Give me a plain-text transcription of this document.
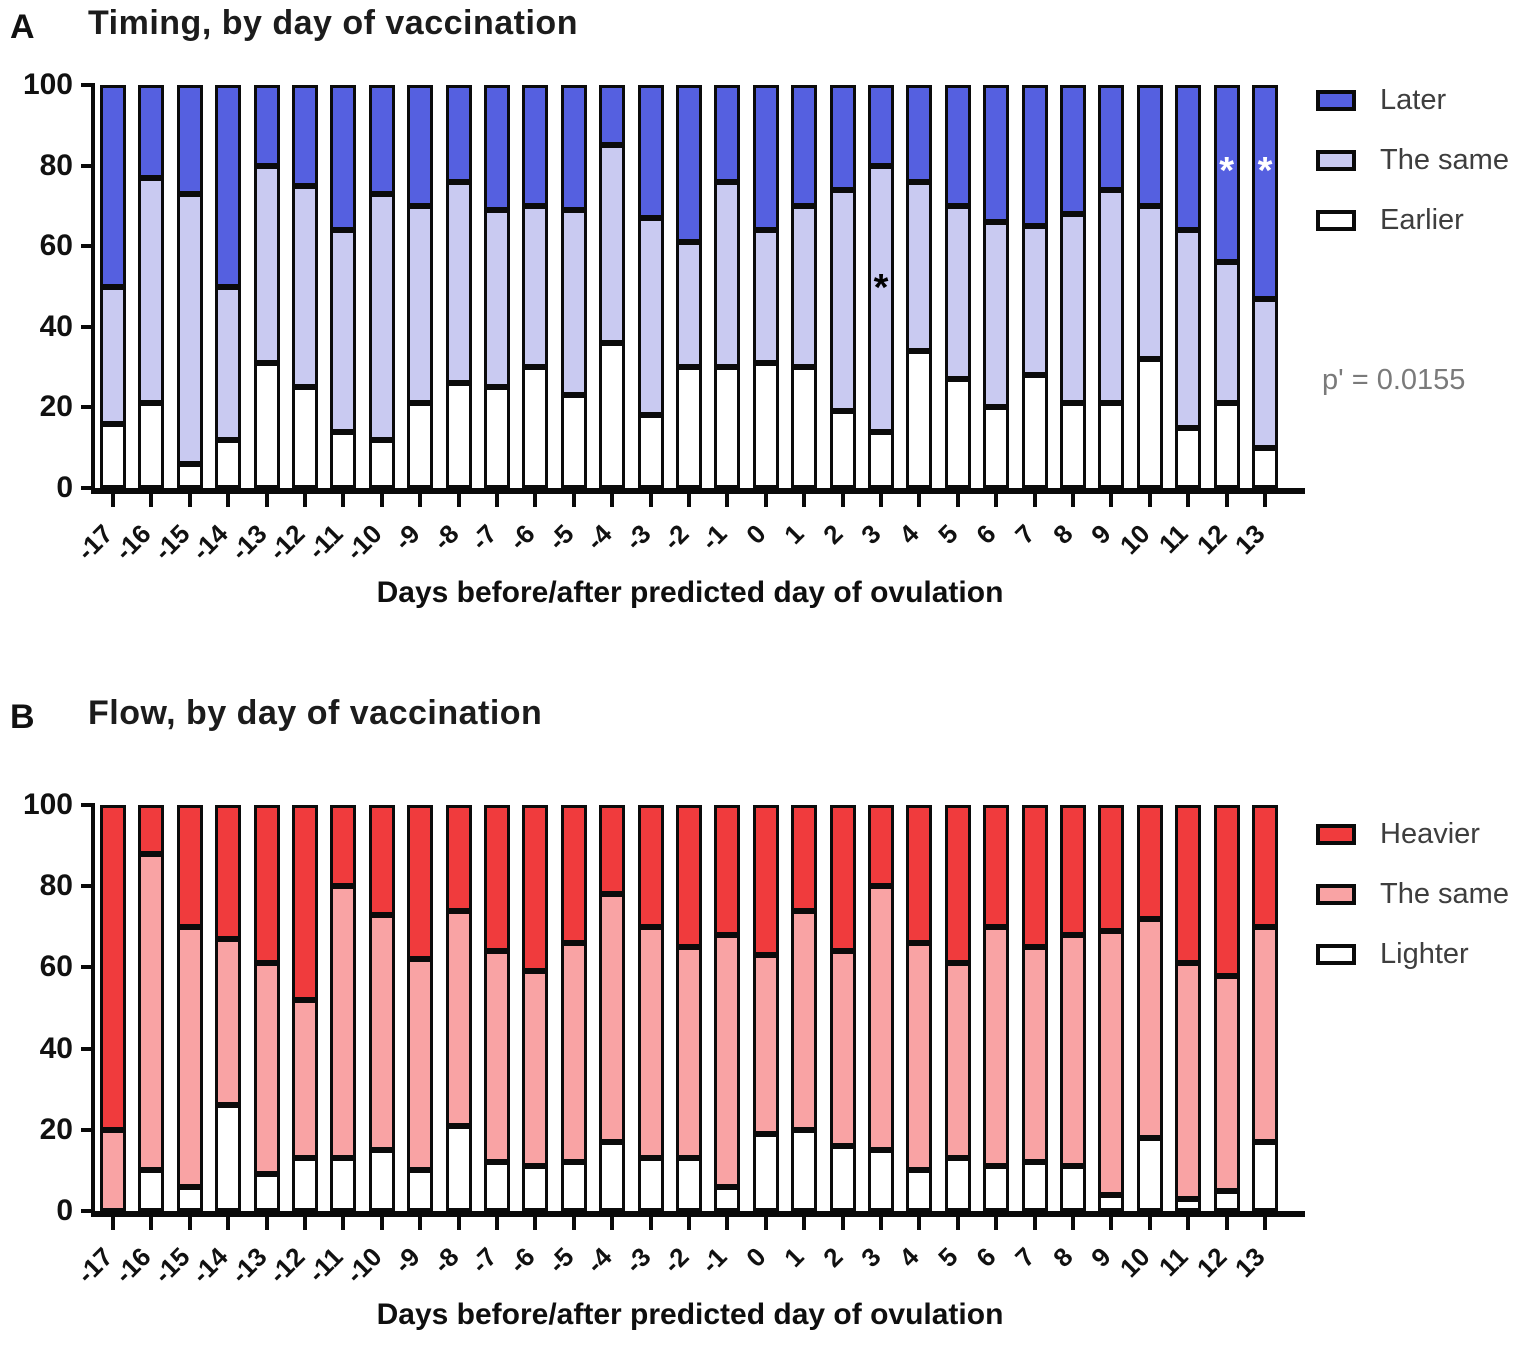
A Timing, by day of vaccination
0
20
40
60
80
100
-17
-16
-15
-14
-13
-12
-11
-10 -9 -8 -7 -6 -5 -4 -3 -2 -1 0 1 2 3 4 5 6 7 8 9
10
11
12
13
*
* *
Later
The same
Earlier
p' = 0.0155
Days before/after predicted day of ovulation
B Flow, by day of vaccination
0
20
40
60
80
100
-17
-16
-15
-14
-13
-12
-11
-10 -9 -8 -7 -6 -5 -4 -3 -2 -1 0 1 2 3 4 5 6 7 8 9
10
11
12
13
Heavier
The same
Lighter
Days before/after predicted day of ovulation
